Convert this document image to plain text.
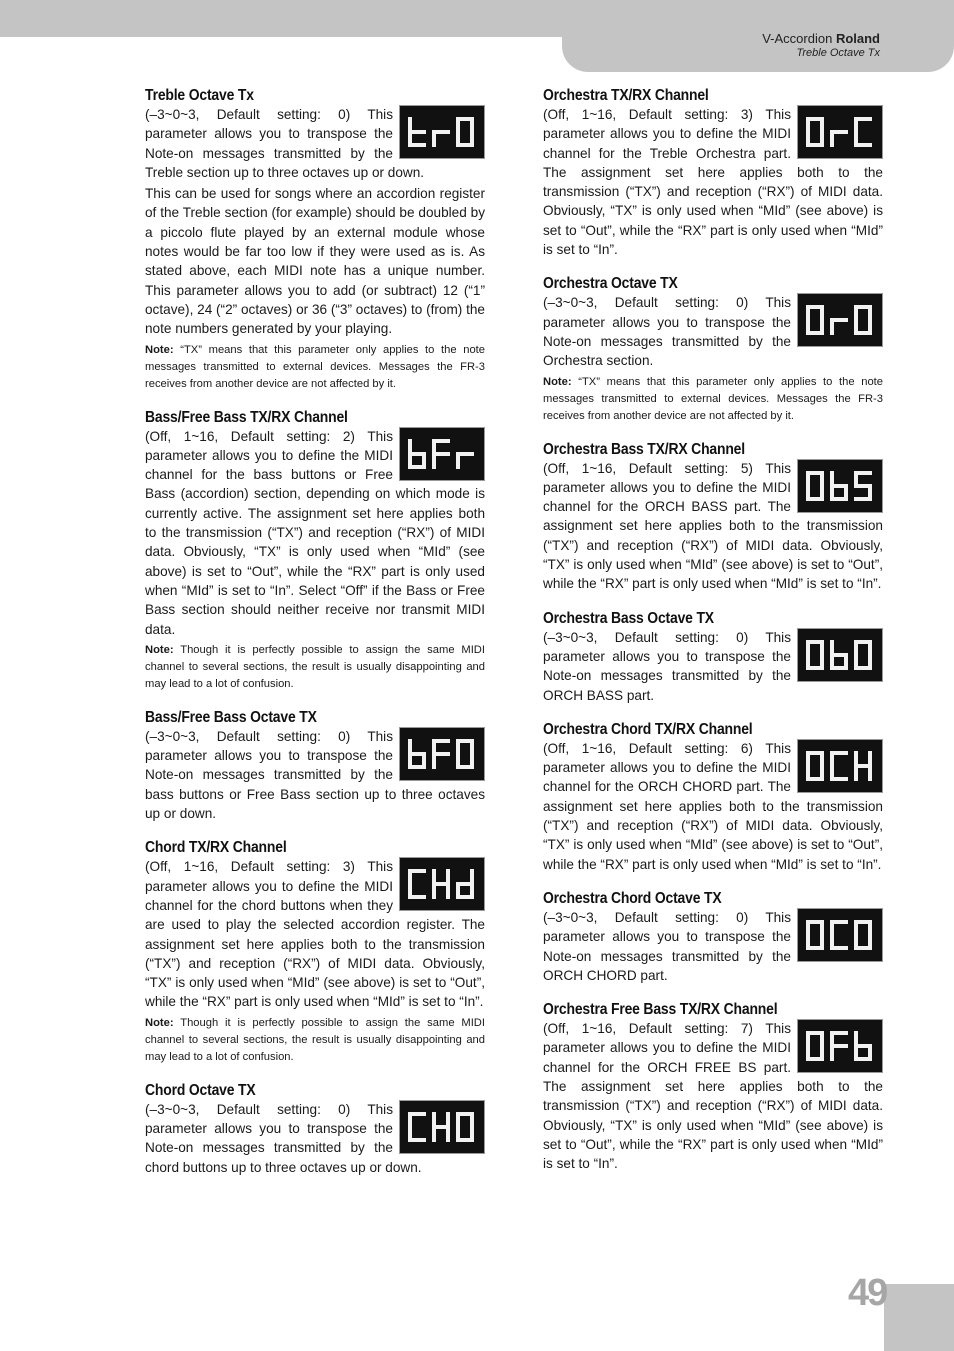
V-Accordion Roland
Treble Octave Tx
Treble Octave Tx

(–3~0~3, Default setting: 0) This parameter allows you to transpose the Note-on messages transmitted by the Treble section up to three octaves up or down.

This can be used for songs where an accordion register of the Treble section (for example) should be doubled by a piccolo flute played by an external module whose notes would be far too low if they were used as is. As stated above, each MIDI note has a unique number. This parameter allows you to add (or subtract) 12 (“1” octave), 24 (“2” octaves) or 36 (“3” octaves) to (from) the note numbers generated by your playing.

Note: “TX” means that this parameter only applies to the note messages transmitted to external devices. Messages the FR-3 receives from another device are not affected by it.

Bass/Free Bass TX/RX Channel

(Off, 1~16, Default setting: 2) This parameter allows you to define the MIDI channel for the bass buttons or Free Bass (accordion) section, depending on which mode is currently active. The assignment set here applies both to the transmission (“TX”) and reception (“RX”) of MIDI data. Obviously, “TX” is only used when “MId” (see above) is set to “Out”, while the “RX” part is only used when “MId” is set to “In”. Select “Off” if the Bass or Free Bass section should neither receive nor transmit MIDI data.

Note: Though it is perfectly possible to assign the same MIDI channel to several sections, the result is usually disappointing and may lead to a lot of confusion.

Bass/Free Bass Octave TX

(–3~0~3, Default setting: 0) This parameter allows you to transpose the Note-on messages transmitted by the bass buttons or Free Bass section up to three octaves up or down.

Chord TX/RX Channel

(Off, 1~16, Default setting: 3) This parameter allows you to define the MIDI channel for the chord buttons when they are used to play the selected accordion register. The assignment set here applies both to the transmission (“TX”) and reception (“RX”) of MIDI data. Obviously, “TX” is only used when “MId” (see above) is set to “Out”, while the “RX” part is only used when “MId” is set to “In”.

Note: Though it is perfectly possible to assign the same MIDI channel to several sections, the result is usually disappointing and may lead to a lot of confusion.

Chord Octave TX

(–3~0~3, Default setting: 0) This parameter allows you to transpose the Note-on messages transmitted by the chord buttons up to three octaves up or down.

Orchestra TX/RX Channel

(Off, 1~16, Default setting: 3) This parameter allows you to define the MIDI channel for the Treble Orchestra part. The assignment set here applies both to the transmission (“TX”) and reception (“RX”) of MIDI data. Obviously, “TX” is only used when “MId” (see above) is set to “Out”, while the “RX” part is only used when “MId” is set to “In”.

Orchestra Octave TX

(–3~0~3, Default setting: 0) This parameter allows you to transpose the Note-on messages transmitted by the Orchestra section.

Note: “TX” means that this parameter only applies to the note messages transmitted to external devices. Messages the FR-3 receives from another device are not affected by it.

Orchestra Bass TX/RX Channel

(Off, 1~16, Default setting: 5) This parameter allows you to define the MIDI channel for the ORCH BASS part. The assignment set here applies both to the transmission (“TX”) and reception (“RX”) of MIDI data. Obviously, “TX” is only used when “MId” (see above) is set to “Out”, while the “RX” part is only used when “MId” is set to “In”.

Orchestra Bass Octave TX

(–3~0~3, Default setting: 0) This parameter allows you to transpose the Note-on messages transmitted by the ORCH BASS part.

Orchestra Chord TX/RX Channel

(Off, 1~16, Default setting: 6) This parameter allows you to define the MIDI channel for the ORCH CHORD part. The assignment set here applies both to the transmission (“TX”) and reception (“RX”) of MIDI data. Obviously, “TX” is only used when “MId” (see above) is set to “Out”, while the “RX” part is only used when “MId” is set to “In”.

Orchestra Chord Octave TX

(–3~0~3, Default setting: 0) This parameter allows you to transpose the Note-on messages transmitted by the ORCH CHORD part.

Orchestra Free Bass TX/RX Channel

(Off, 1~16, Default setting: 7) This parameter allows you to define the MIDI channel for the ORCH FREE BS part. The assignment set here applies both to the transmission (“TX”) and reception (“RX”) of MIDI data. Obviously, “TX” is only used when “MId” (see above) is set to “Out”, while the “RX” part is only used when “MId” is set to “In”.

49
